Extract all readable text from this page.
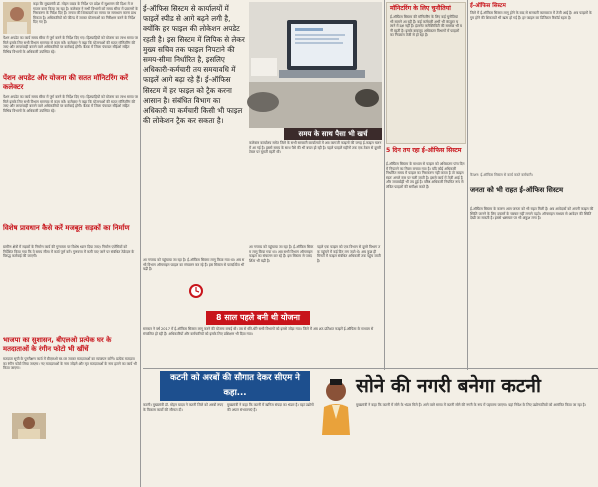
कहा कि मुख्यमंत्री डॉ. मोहन यादव के निर्देश पर प्रदेश में सुशासन की दिशा में लगातार काम किया जा रहा है। कलेक्टर ने सभी विभागों को समय सीमा में प्रकरणों के निराकरण के निर्देश दिए हैं। जनता की शिकायतों का समय पर समाधान करना प्राथमिकता है। अधिकारियों को फील्ड में जाकर योजनाओं का निरीक्षण करने के निर्देश दिए गए हैं।
पेंशन अपडेट का कार्य समय सीमा में पूर्ण करने के निर्देश दिए गए। हितग्राहियों को योजना का लाभ समय पर मिले इसके लिए सभी विभाग समन्वय से काम करें। कलेक्टर ने कहा कि योजनाओं की सतत मॉनिटरिंग की जाए और लापरवाही बरतने वाले अधिकारियों पर कार्रवाई होगी। बैठक में जिला पंचायत सीईओ सहित विभिन्न विभागों के अधिकारी उपस्थित रहे।
पेंशन अपडेट और योजना की सतत मॉनिटरिंग करें कलेक्टर
पेंशन अपडेट का कार्य समय सीमा में पूर्ण करने के निर्देश दिए गए। हितग्राहियों को योजना का लाभ समय पर मिले इसके लिए सभी विभाग समन्वय से काम करें। कलेक्टर ने कहा कि योजनाओं की सतत मॉनिटरिंग की जाए और लापरवाही बरतने वाले अधिकारियों पर कार्रवाई होगी। बैठक में जिला पंचायत सीईओ सहित विभिन्न विभागों के अधिकारी उपस्थित रहे।
विशेष प्रावधान कैसे करें मजबूत सड़कों का निर्माण
ग्रामीण क्षेत्रों में सड़कों के निर्माण कार्य की गुणवत्ता पर विशेष ध्यान दिया जाए। निर्माण एजेंसियों को निर्देशित किया गया कि वे समय सीमा में कार्य पूर्ण करें। गुणवत्ता में कमी पाए जाने पर संबंधित ठेकेदार के विरुद्ध कार्रवाई की जाएगी।
भाजपा का सुशासन, बीएलओ प्रत्येक घर के मतदाताओं के रंगीन फोटो भी खींचें
मतदाता सूची के पुनरीक्षण कार्य में बीएलओ घर-घर जाकर मतदाताओं का सत्यापन करेंगे। प्रत्येक मतदाता का रंगीन फोटो लिया जाएगा। नए मतदाताओं के नाम जोड़ने और मृत मतदाताओं के नाम हटाने का कार्य भी किया जाएगा।
ई-ऑफिस सिस्टम से कार्यालयों में फाइलें स्पीड से आगे बढ़ने लगी है, क्योंकि हर फाइल की लोकेशन अपडेट रहती है। इस सिस्टम में लिपिक से लेकर मुख्य सचिव तक फाइल निपटाने की समय-सीमा निर्धारित है, इसलिए अधिकारी-कर्मचारी तय समयावधि में फाइलें आगे बढ़ा रहे हैं। ई-ऑफिस सिस्टम में हर फाइल को ट्रैक करना आसान है। संबंधित विभाग का अधिकारी या कर्मचारी किसी भी फाइल की लोकेशन ट्रैक कर सकता है।
समय के साथ पैसा भी खर्च
कलेक्टर कार्यालय समेत जिले के सभी सरकारी कार्यालयों में अब कागजी फाइलों की जगह ई-फाइल चलन में आ गई है। इससे समय के साथ पैसे की भी बचत हो रही है। पहले फाइलें महीनों तक एक टेबल से दूसरी टेबल पर घूमती रहती थीं।
आ गन्तव्य को पहुंचाया जा रहा है। ई-ऑफिस सिस्टम लागू किया गया था। अब सभी विभाग ऑनलाइन फाइल का संचालन कर रहे हैं। इस सिस्टम से पारदर्शिता भी बढ़ी है।
पहले एक फाइल को एक विभाग से दूसरे विभाग तक पहुंचने में कई दिन लग जाते थे। अब कुछ ही मिनटों में फाइल संबंधित अधिकारी तक पहुंच जाती है।
आ गन्तव्य को पहुंचाया जा रहा है। ई-ऑफिस सिस्टम लागू किया गया था। अब सभी विभाग ऑनलाइन फाइल का संचालन कर रहे हैं। इस सिस्टम से पारदर्शिता भी बढ़ी है।
8 साल पहले बनी थी योजना
सरकार ने वर्ष 2017 में ई-ऑफिस सिस्टम लागू करने की योजना बनाई थी। तब से धीरे-धीरे सभी विभागों को इससे जोड़ा गया। जिले में अब शत-प्रतिशत फाइलें ई-ऑफिस के माध्यम से संचालित हो रही हैं। अधिकारियों और कर्मचारियों को इसके लिए प्रशिक्षण भी दिया गया।
मॉनिटरिंग के लिए चुनौतियां
ई-ऑफिस सिस्टम की मॉनिटरिंग के लिए कई चुनौतियां भी सामने आ रही हैं। कई कर्मचारी अभी भी कंप्यूटर चलाने में दक्ष नहीं हैं। इंटरनेट कनेक्टिविटी की समस्या भी बनी रहती है। इसके बावजूद अधिकतर विभागों में फाइलों का निपटारा तेजी से हो रहा है।
5 दिन तय रहा ई-ऑफिस सिस्टम
ई-ऑफिस सिस्टम के माध्यम से फाइल को अधिकतम पांच दिन में निपटाने का नियम बनाया गया है। यदि कोई अधिकारी निर्धारित समय में फाइल का निराकरण नहीं करता है तो फाइल स्वतः अगले स्तर पर चली जाती है। इससे कार्य में तेजी आई है और जवाबदेही भी तय हुई है। वरिष्ठ अधिकारी नियमित रूप से लंबित फाइलों की समीक्षा करते हैं।
ई-ऑफिस सिस्टम
जिले में ई-ऑफिस सिस्टम लागू होने के बाद से सरकारी कामकाज में तेजी आई है। अब फाइलों के गुम होने की शिकायतें भी खत्म हो गई हैं। हर फाइल का डिजिटल रिकॉर्ड रहता है।
कैप्शन: ई-ऑफिस सिस्टम से कार्य करते कर्मचारी।
जनता को भी राहत ई-ऑफिस सिस्टम
ई-ऑफिस सिस्टम के कारण आम जनता को भी राहत मिली है। अब आवेदकों को अपनी फाइल की स्थिति जानने के लिए दफ्तरों के चक्कर नहीं लगाने पड़ते। ऑनलाइन माध्यम से आवेदन की स्थिति देखी जा सकती है। इससे भ्रष्टाचार पर भी अंकुश लगा है।
कटनी को अरबों की सौगात देकर सीएम ने कहा...
कटनी। मुख्यमंत्री डॉ. मोहन यादव ने कटनी जिले को अरबों रुपए के विकास कार्यों की सौगात दी।
मुख्यमंत्री ने कहा कि कटनी में खनिज संपदा का भंडार है। यहां उद्योगों की अपार संभावनाएं हैं।
सोने की नगरी बनेगा कटनी
मुख्यमंत्री ने कहा कि कटनी में सोने के भंडार मिले हैं। आने वाले समय में कटनी सोने की नगरी के रूप में पहचाना जाएगा। यहां निवेश के लिए उद्योगपतियों को आमंत्रित किया जा रहा है।
